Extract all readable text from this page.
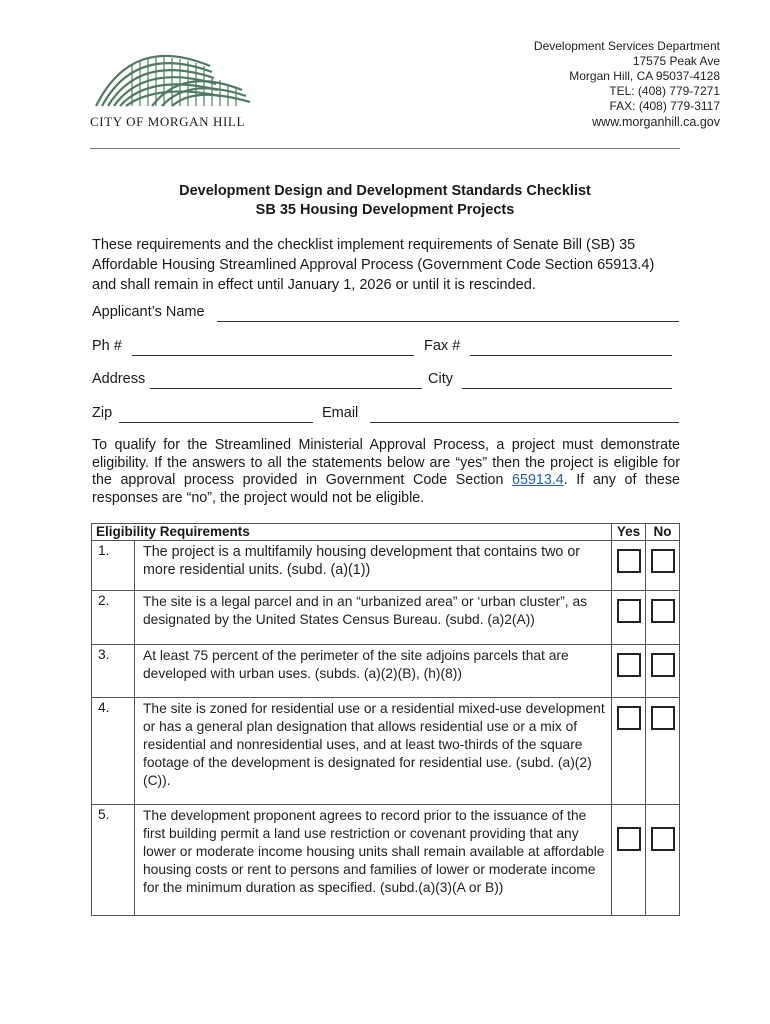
CITY OF MORGAN HILL
Development Services Department
17575 Peak Ave
Morgan Hill, CA 95037-4128
TEL: (408) 779-7271
FAX: (408) 779-3117
www.morganhill.ca.gov
Development Design and Development Standards Checklist
SB 35 Housing Development Projects
These requirements and the checklist implement requirements of Senate Bill (SB) 35 Affordable Housing Streamlined Approval Process (Government Code Section 65913.4) and shall remain in effect until January 1, 2026 or until it is rescinded.
Applicant’s Name
Ph #	Fax #
Address	City
Zip	Email
To qualify for the Streamlined Ministerial Approval Process, a project must demonstrate eligibility. If the answers to all the statements below are “yes” then the project is eligible for the approval process provided in Government Code Section 65913.4. If any of these responses are “no”, the project would not be eligible.
Eligibility Requirements		Yes	No
1.	The project is a multifamily housing development that contains two or more residential units. (subd. (a)(1))	

2.	The site is a legal parcel and in an “urbanized area” or ‘urban cluster”, as designated by the United States Census Bureau. (subd. (a)2(A))	

3.	At least 75 percent of the perimeter of the site adjoins parcels that are developed with urban uses. (subds. (a)(2)(B), (h)(8))	

4.	The site is zoned for residential use or a residential mixed-use development or has a general plan designation that allows residential use or a mix of residential and nonresidential uses, and at least two-thirds of the square footage of the development is designated for residential use. (subd. (a)(2)(C)).	

5.	The development proponent agrees to record prior to the issuance of the first building permit a land use restriction or covenant providing that any lower or moderate income housing units shall remain available at affordable housing costs or rent to persons and families of lower or moderate income for the minimum duration as specified. (subd.(a)(3)(A or B))	
